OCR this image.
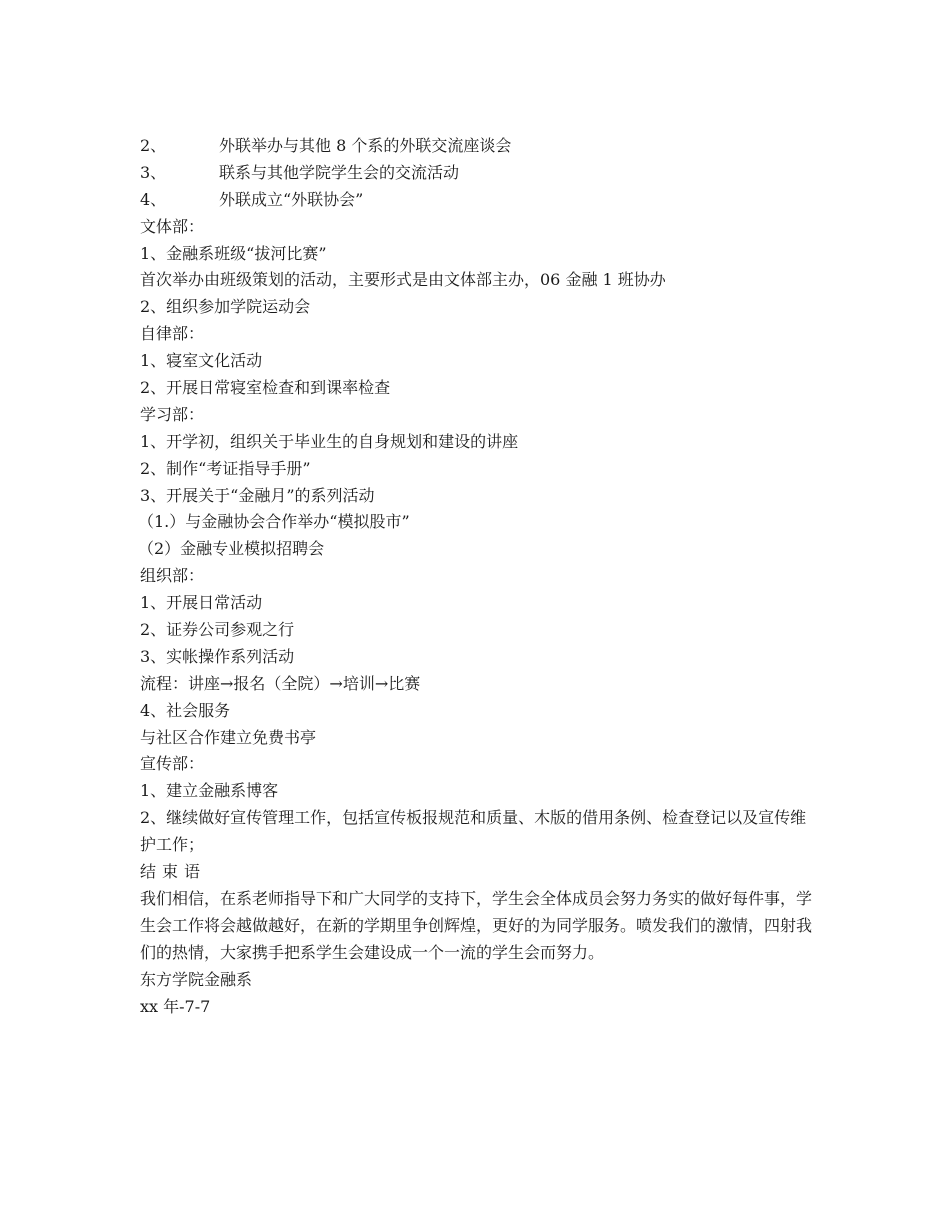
2、	外联举办与其他 8 个系的外联交流座谈会
3、	联系与其他学院学生会的交流活动
4、	外联成立“外联协会”
文体部：
1、金融系班级“拔河比赛”
首次举办由班级策划的活动，主要形式是由文体部主办，06 金融 1 班协办
2、组织参加学院运动会
自律部：
1、寝室文化活动
2、开展日常寝室检查和到课率检查
学习部：
1、开学初，组织关于毕业生的自身规划和建设的讲座
2、制作“考证指导手册”
3、开展关于“金融月”的系列活动
（1.）与金融协会合作举办“模拟股市”
（2）金融专业模拟招聘会
组织部：
1、开展日常活动
2、证券公司参观之行
3、实帐操作系列活动
流程：讲座→报名（全院）→培训→比赛
4、社会服务
与社区合作建立免费书亭
宣传部：
1、建立金融系博客
2、继续做好宣传管理工作，包括宣传板报规范和质量、木版的借用条例、检查登记以及宣传维护工作；
结束语
我们相信，在系老师指导下和广大同学的支持下，学生会全体成员会努力务实的做好每件事，学生会工作将会越做越好，在新的学期里争创辉煌，更好的为同学服务。喷发我们的激情，四射我们的热情，大家携手把系学生会建设成一个一流的学生会而努力。
东方学院金融系
xx 年-7-7
